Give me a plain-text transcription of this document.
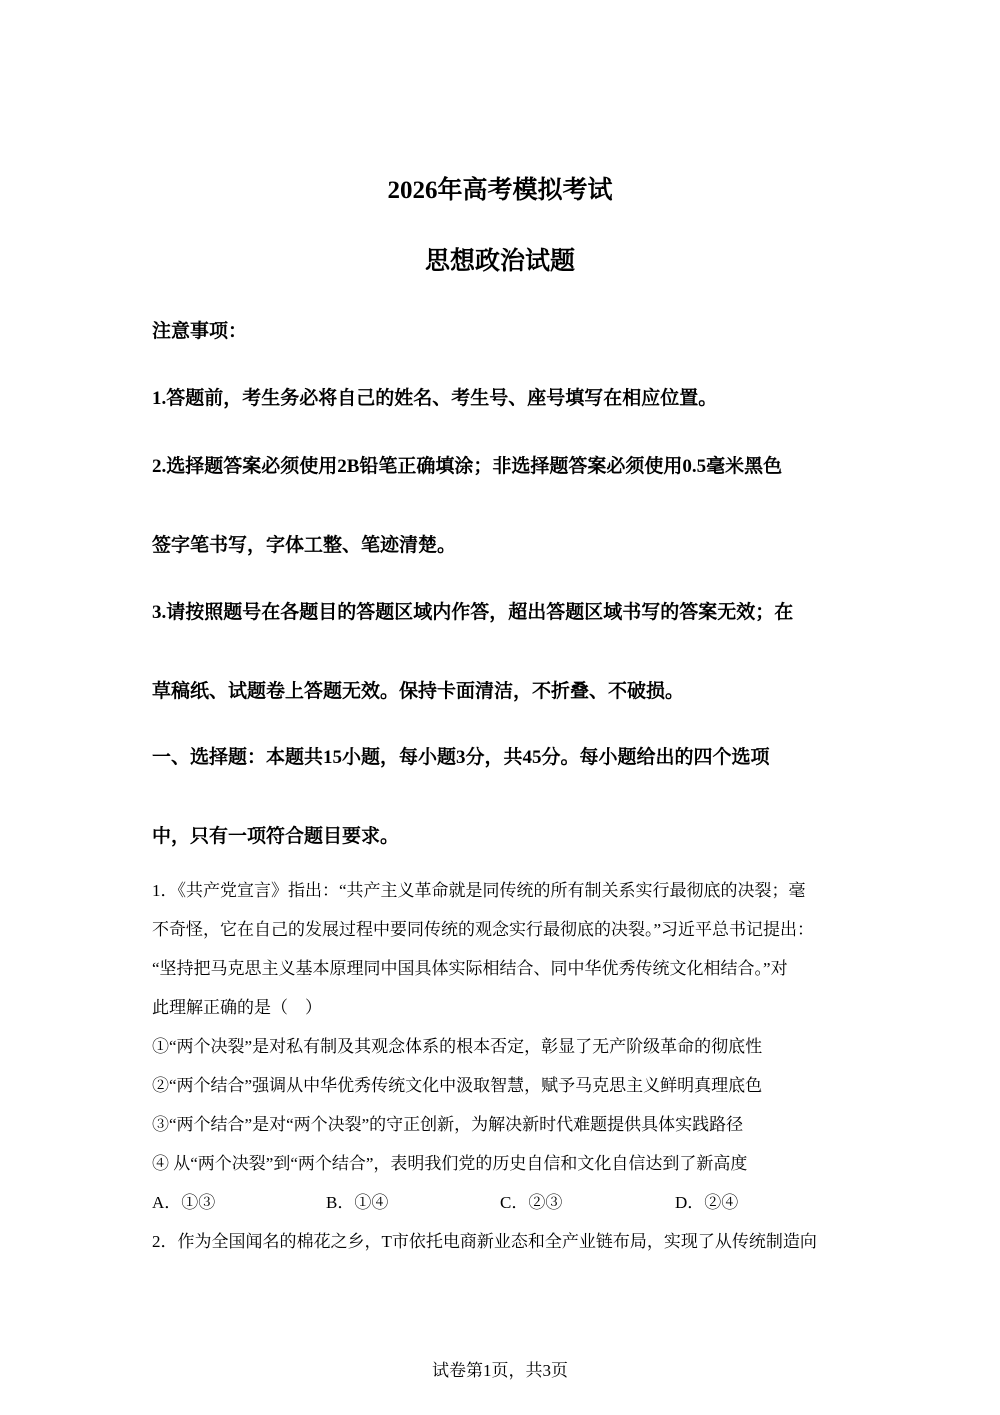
2026年高考模拟考试
思想政治试题
注意事项：
1.答题前，考生务必将自己的姓名、考生号、座号填写在相应位置。
2.选择题答案必须使用2B铅笔正确填涂；非选择题答案必须使用0.5毫米黑色
签字笔书写，字体工整、笔迹清楚。
3.请按照题号在各题目的答题区域内作答，超出答题区域书写的答案无效；在
草稿纸、试题卷上答题无效。保持卡面清洁，不折叠、不破损。
一、选择题：本题共15小题，每小题3分，共45分。每小题给出的四个选项
中，只有一项符合题目要求。
1．《共产党宣言》指出：“共产主义革命就是同传统的所有制关系实行最彻底的决裂；毫
不奇怪，它在自己的发展过程中要同传统的观念实行最彻底的决裂。”习近平总书记提出：
“坚持把马克思主义基本原理同中国具体实际相结合、同中华优秀传统文化相结合。”对
此理解正确的是（　）
①“两个决裂”是对私有制及其观念体系的根本否定，彰显了无产阶级革命的彻底性
②“两个结合”强调从中华优秀传统文化中汲取智慧，赋予马克思主义鲜明真理底色
③“两个结合”是对“两个决裂”的守正创新，为解决新时代难题提供具体实践路径
④ 从“两个决裂”到“两个结合”，表明我们党的历史自信和文化自信达到了新高度
A．①③	B．①④	C．②③	D．②④
2．作为全国闻名的棉花之乡，T市依托电商新业态和全产业链布局，实现了从传统制造向
试卷第1页，共3页
